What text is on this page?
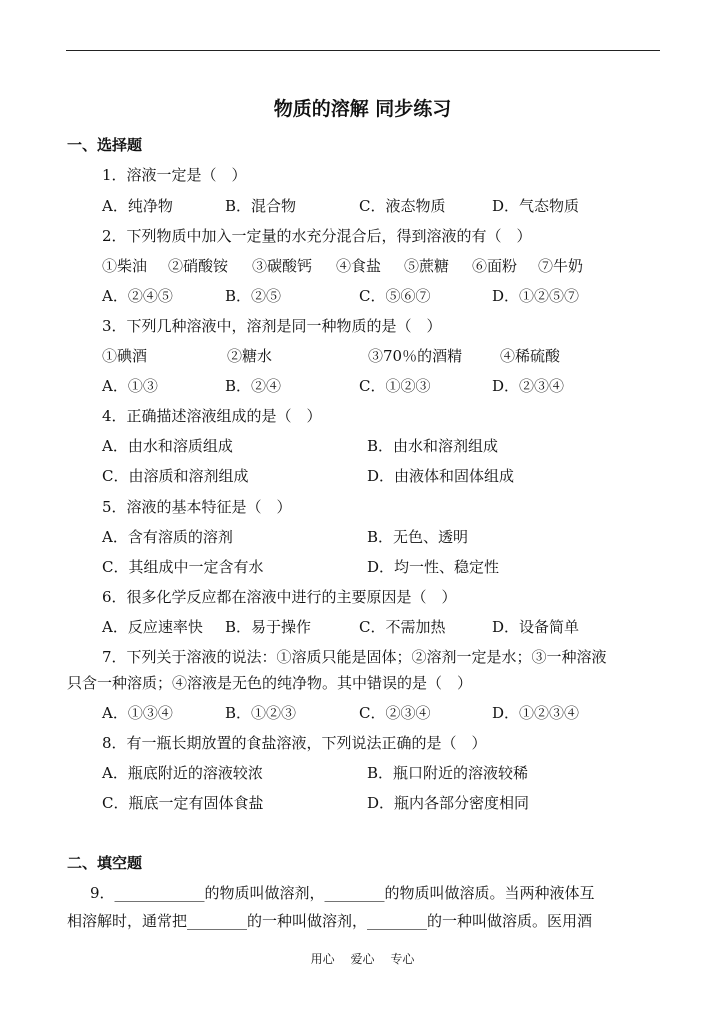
物质的溶解 同步练习
一、选择题
1．溶液一定是（　）
A．纯净物	B．混合物	C．液态物质	D．气态物质
2．下列物质中加入一定量的水充分混合后，得到溶液的有（　）
①柴油 ②硝酸铵 ③碳酸钙 ④食盐 ⑤蔗糖 ⑥面粉 ⑦牛奶
A．②④⑤	B．②⑤	C．⑤⑥⑦	D．①②⑤⑦
3．下列几种溶液中，溶剂是同一种物质的是（　）
①碘酒	②糖水	③70％的酒精	④稀硫酸
A．①③	B．②④	C．①②③	D．②③④
4．正确描述溶液组成的是（　）
A．由水和溶质组成	B．由水和溶剂组成
C．由溶质和溶剂组成	D．由液体和固体组成
5．溶液的基本特征是（　）
A．含有溶质的溶剂	B．无色、透明
C．其组成中一定含有水	D．均一性、稳定性
6．很多化学反应都在溶液中进行的主要原因是（　）
A．反应速率快 B．易于操作	C．不需加热	D．设备简单
7．下列关于溶液的说法：①溶质只能是固体；②溶剂一定是水；③一种溶液
只含一种溶质；④溶液是无色的纯净物。其中错误的是（　）
A．①③④	B．①②③	C．②③④	D．①②③④
8．有一瓶长期放置的食盐溶液，下列说法正确的是（　）
A．瓶底附近的溶液较浓	B．瓶口附近的溶液较稀
C．瓶底一定有固体食盐	D．瓶内各部分密度相同
二、填空题
9．____________的物质叫做溶剂，________的物质叫做溶质。当两种液体互
相溶解时，通常把________的一种叫做溶剂，________的一种叫做溶质。医用酒
用心 爱心 专心
